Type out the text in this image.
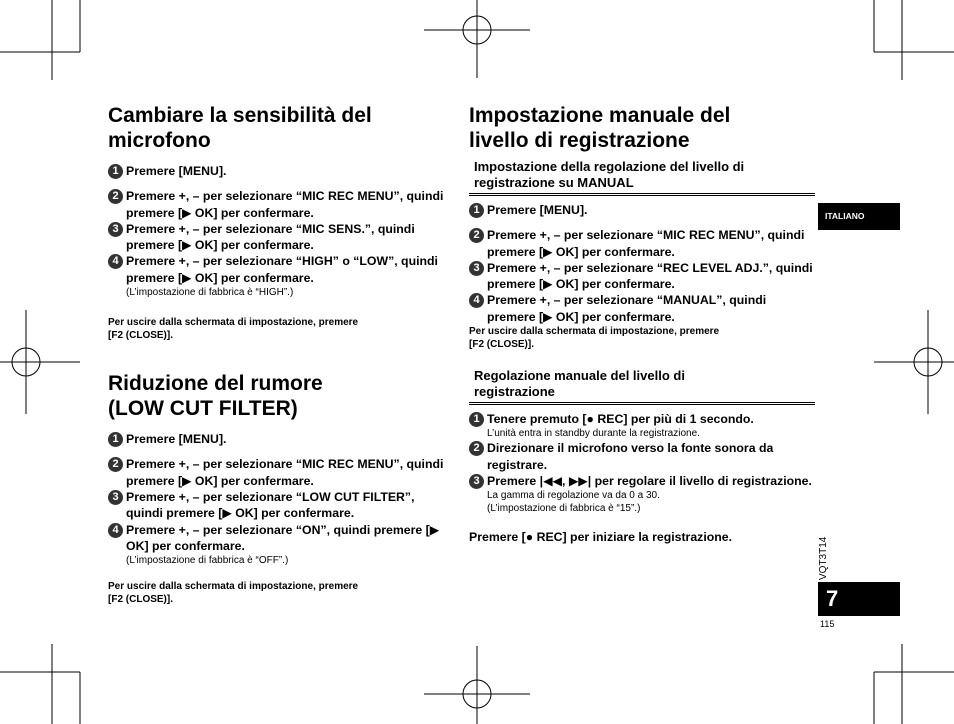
Cambiare la sensibilità del
microfono
1 Premere [MENU].
2 Premere +, – per selezionare “MIC REC MENU”, quindi premere [▶ OK] per confermare.
3 Premere +, – per selezionare “MIC SENS.”, quindi premere [▶ OK] per confermare.
4 Premere +, – per selezionare “HIGH” o “LOW”, quindi premere [▶ OK] per confermare.
(L’impostazione di fabbrica è “HIGH”.)
Per uscire dalla schermata di impostazione, premere
[F2 (CLOSE)].
Riduzione del rumore
(LOW CUT FILTER)
1 Premere [MENU].
2 Premere +, – per selezionare “MIC REC MENU”, quindi premere [▶ OK] per confermare.
3 Premere +, – per selezionare “LOW CUT FILTER”, quindi premere [▶ OK] per confermare.
4 Premere +, – per selezionare “ON”, quindi premere [▶ OK] per confermare.
(L’impostazione di fabbrica è “OFF”.)
Per uscire dalla schermata di impostazione, premere
[F2 (CLOSE)].
Impostazione manuale del
livello di registrazione
Impostazione della regolazione del livello di
registrazione su MANUAL
1 Premere [MENU].
2 Premere +, – per selezionare “MIC REC MENU”, quindi premere [▶ OK] per confermare.
3 Premere +, – per selezionare “REC LEVEL ADJ.”, quindi premere [▶ OK] per confermare.
4 Premere +, – per selezionare “MANUAL”, quindi premere [▶ OK] per confermare.
Per uscire dalla schermata di impostazione, premere
[F2 (CLOSE)].
Regolazione manuale del livello di
registrazione
1 Tenere premuto [● REC] per più di 1 secondo.
L’unità entra in standby durante la registrazione.
2 Direzionare il microfono verso la fonte sonora da registrare.
3 Premere |◀◀, ▶▶| per regolare il livello di registrazione.
La gamma di regolazione va da 0 a 30.
(L’impostazione di fabbrica è “15”.)
Premere [● REC] per iniziare la registrazione.
ITALIANO
VQT3T14
7
115
